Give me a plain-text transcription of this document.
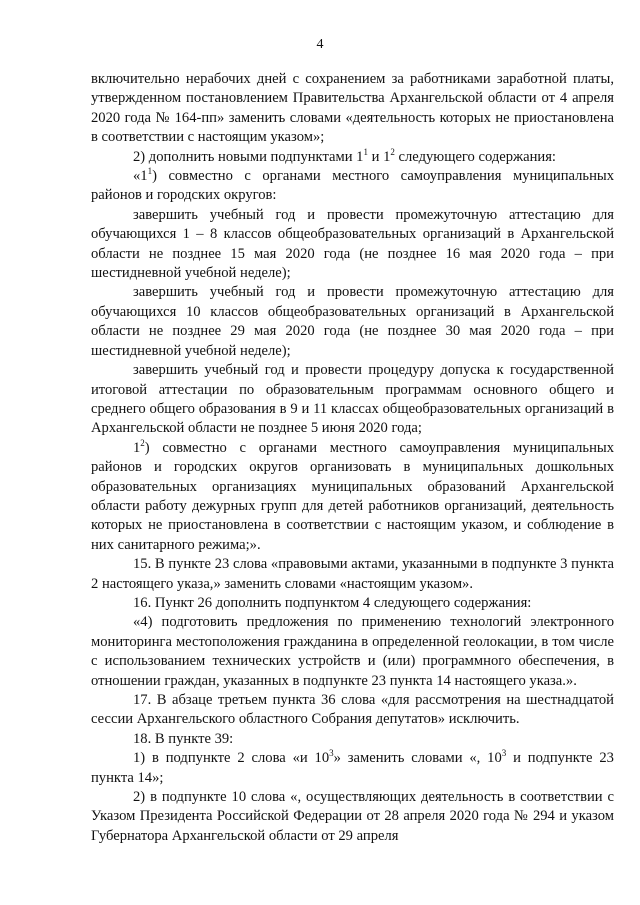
4

включительно нерабочих дней с сохранением за работниками заработной платы, утвержденном постановлением Правительства Архангельской области от 4 апреля 2020 года № 164-пп» заменить словами «деятельность которых не приостановлена в соответствии с настоящим указом»;

2) дополнить новыми подпунктами $1^1$ и $1^2$ следующего содержания:

«$1^1$) совместно с органами местного самоуправления муниципальных районов и городских округов:

завершить учебный год и провести промежуточную аттестацию для обучающихся 1 – 8 классов общеобразовательных организаций в Архангельской области не позднее 15 мая 2020 года (не позднее 16 мая 2020 года – при шестидневной учебной неделе);

завершить учебный год и провести промежуточную аттестацию для обучающихся 10 классов общеобразовательных организаций в Архангельской области не позднее 29 мая 2020 года (не позднее 30 мая 2020 года – при шестидневной учебной неделе);

завершить учебный год и провести процедуру допуска к государственной итоговой аттестации по образовательным программам основного общего и среднего общего образования в 9 и 11 классах общеобразовательных организаций в Архангельской области не позднее 5 июня 2020 года;

$1^2$) совместно с органами местного самоуправления муниципальных районов и городских округов организовать в муниципальных дошкольных образовательных организациях муниципальных образований Архангельской области работу дежурных групп для детей работников организаций, деятельность которых не приостановлена в соответствии с настоящим указом, и соблюдение в них санитарного режима;».

15. В пункте 23 слова «правовыми актами, указанными в подпункте 3 пункта 2 настоящего указа,» заменить словами «настоящим указом».

16. Пункт 26 дополнить подпунктом 4 следующего содержания:

«4) подготовить предложения по применению технологий электронного мониторинга местоположения гражданина в определенной геолокации, в том числе с использованием технических устройств и (или) программного обеспечения, в отношении граждан, указанных в подпункте 23 пункта 14 настоящего указа.».

17. В абзаце третьем пункта 36 слова «для рассмотрения на шестнадцатой сессии Архангельского областного Собрания депутатов» исключить.

18. В пункте 39:

1) в подпункте 2 слова «и $10^3$» заменить словами «, $10^3$ и подпункте 23 пункта 14»;

2) в подпункте 10 слова «, осуществляющих деятельность в соответствии с Указом Президента Российской Федерации от 28 апреля 2020 года № 294 и указом Губернатора Архангельской области от 29 апреля
